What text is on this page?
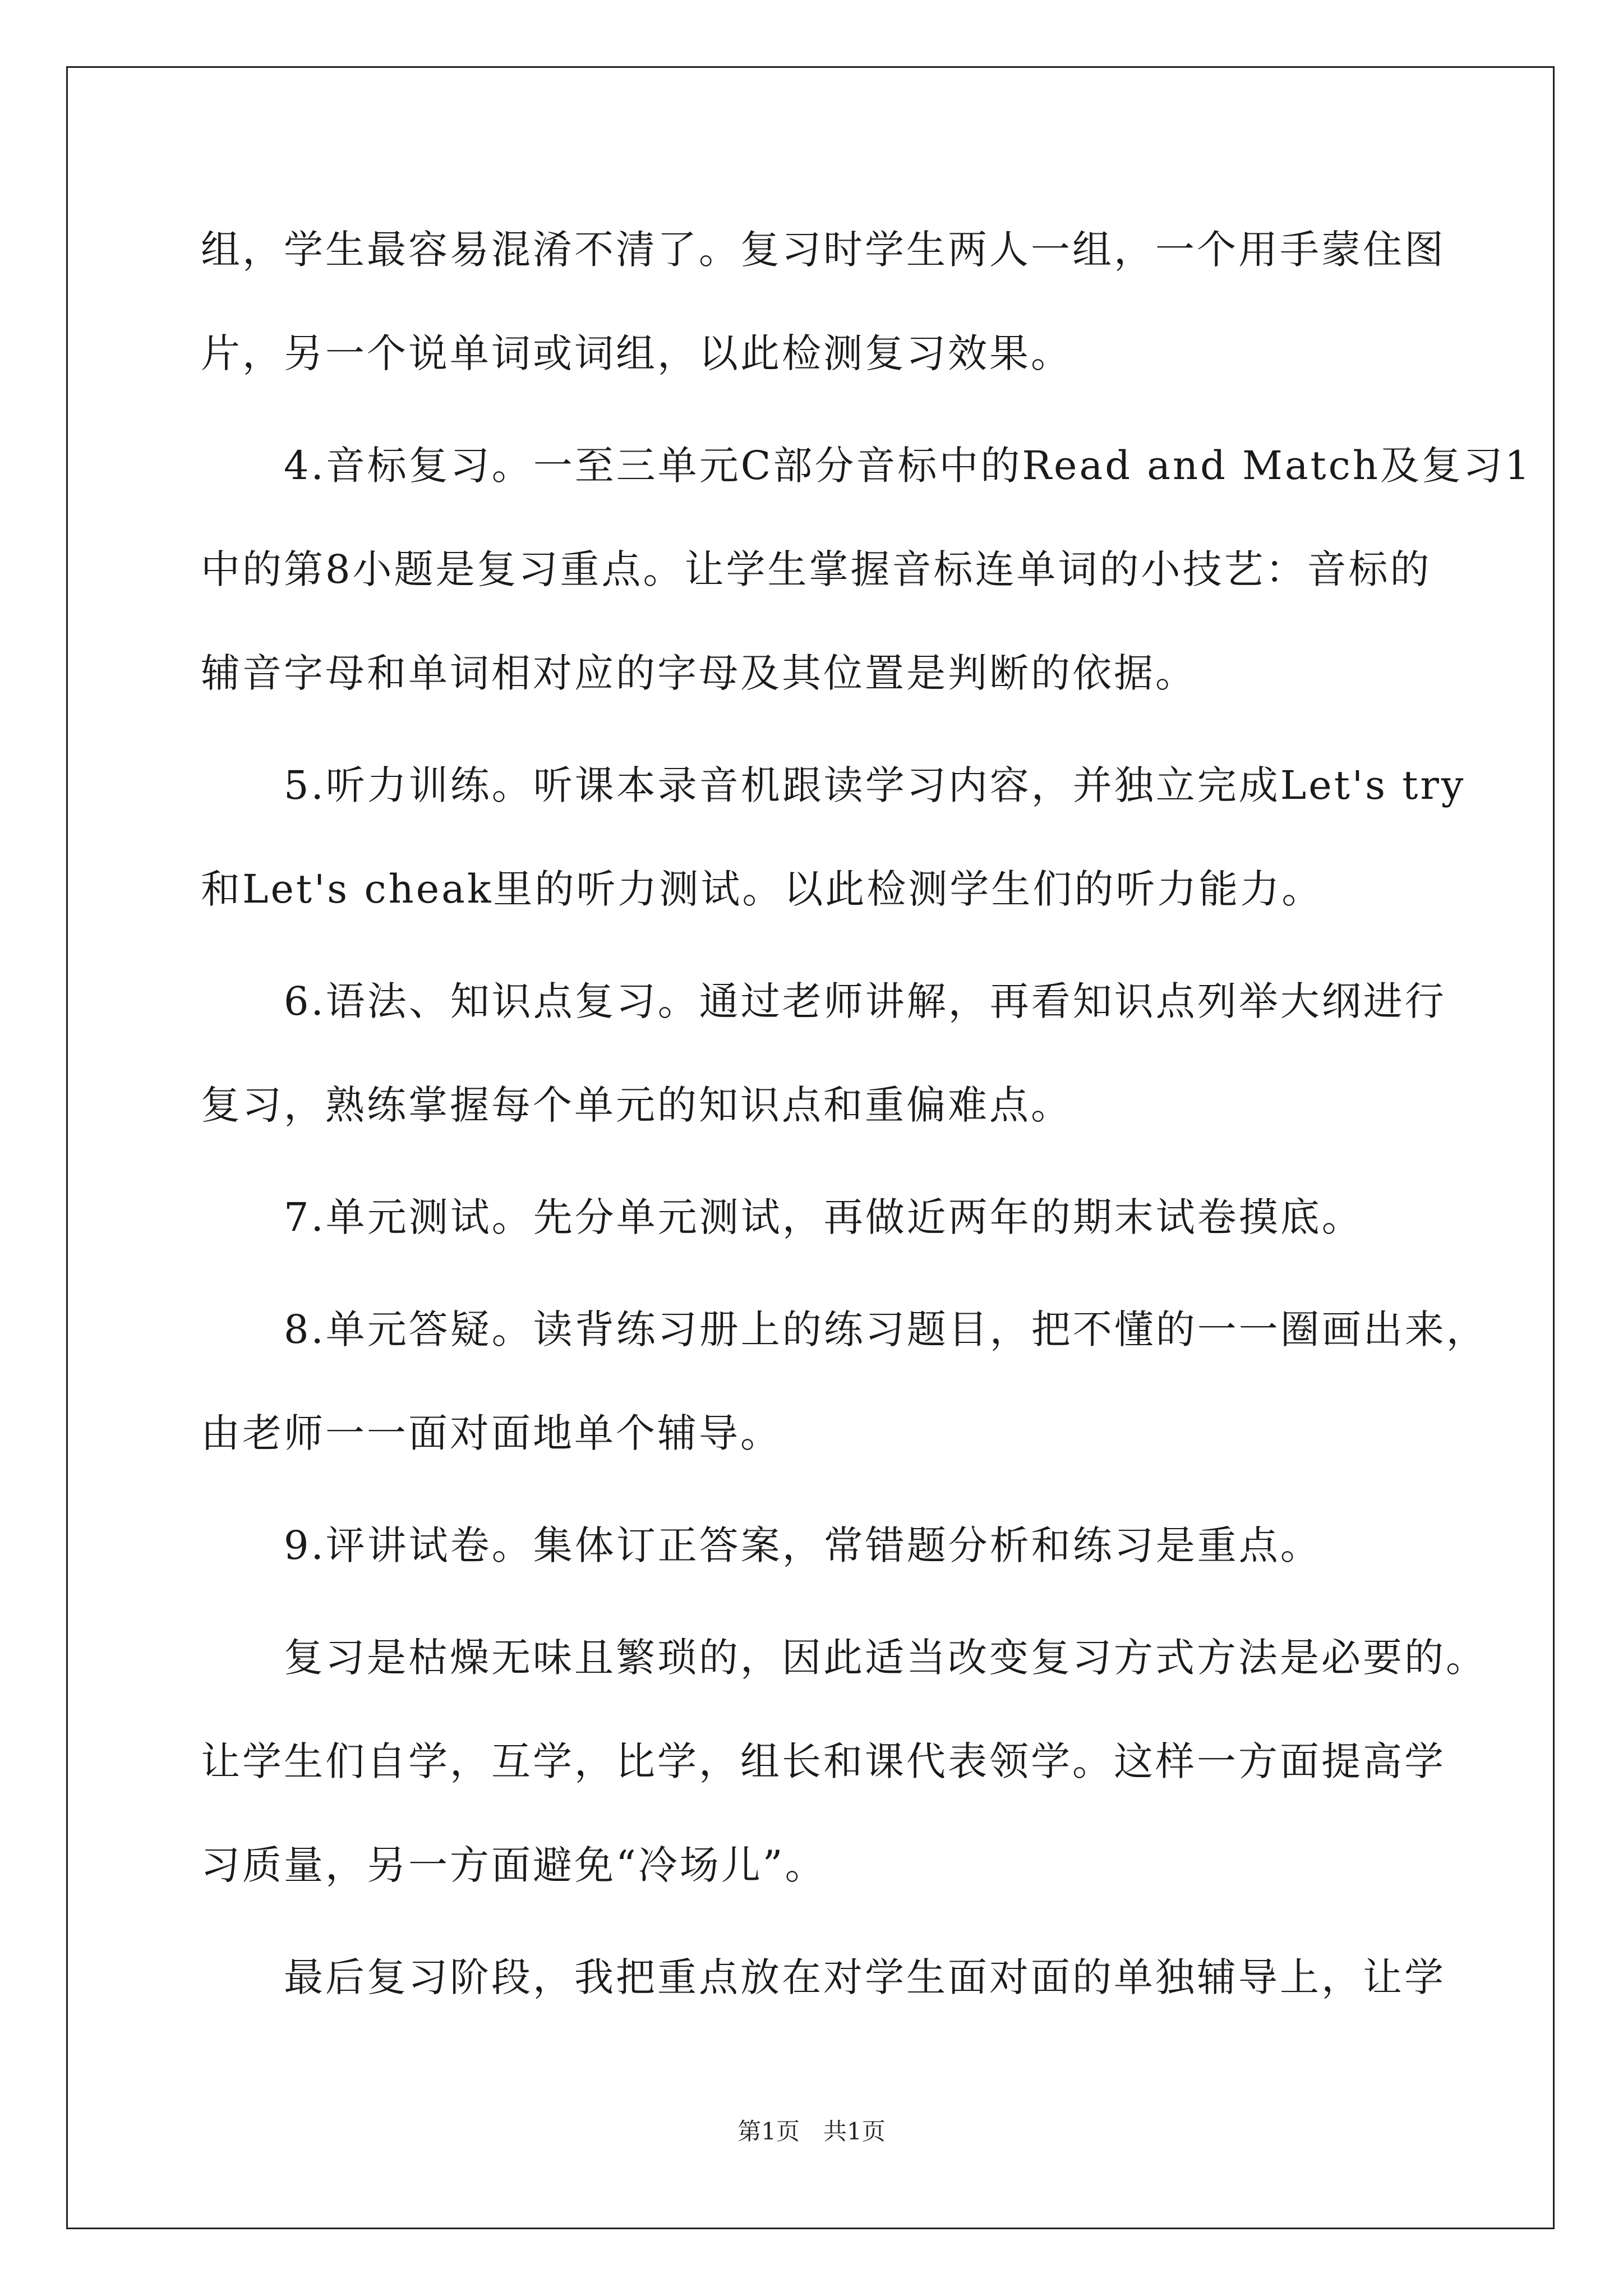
组，学生最容易混淆不清了。复习时学生两人一组，一个用手蒙住图
片，另一个说单词或词组，以此检测复习效果。
　　4.音标复习。一至三单元C部分音标中的Read and Match及复习1
中的第8小题是复习重点。让学生掌握音标连单词的小技艺：音标的
辅音字母和单词相对应的字母及其位置是判断的依据。
　　5.听力训练。听课本录音机跟读学习内容，并独立完成Let's try
和Let's cheak里的听力测试。以此检测学生们的听力能力。
　　6.语法、知识点复习。通过老师讲解，再看知识点列举大纲进行
复习，熟练掌握每个单元的知识点和重偏难点。
　　7.单元测试。先分单元测试，再做近两年的期末试卷摸底。
　　8.单元答疑。读背练习册上的练习题目，把不懂的一一圈画出来，
由老师一一面对面地单个辅导。
　　9.评讲试卷。集体订正答案，常错题分析和练习是重点。
　　复习是枯燥无味且繁琐的，因此适当改变复习方式方法是必要的。
让学生们自学，互学，比学，组长和课代表领学。这样一方面提高学
习质量，另一方面避免“冷场儿”。
　　最后复习阶段，我把重点放在对学生面对面的单独辅导上，让学
第1页　共1页
